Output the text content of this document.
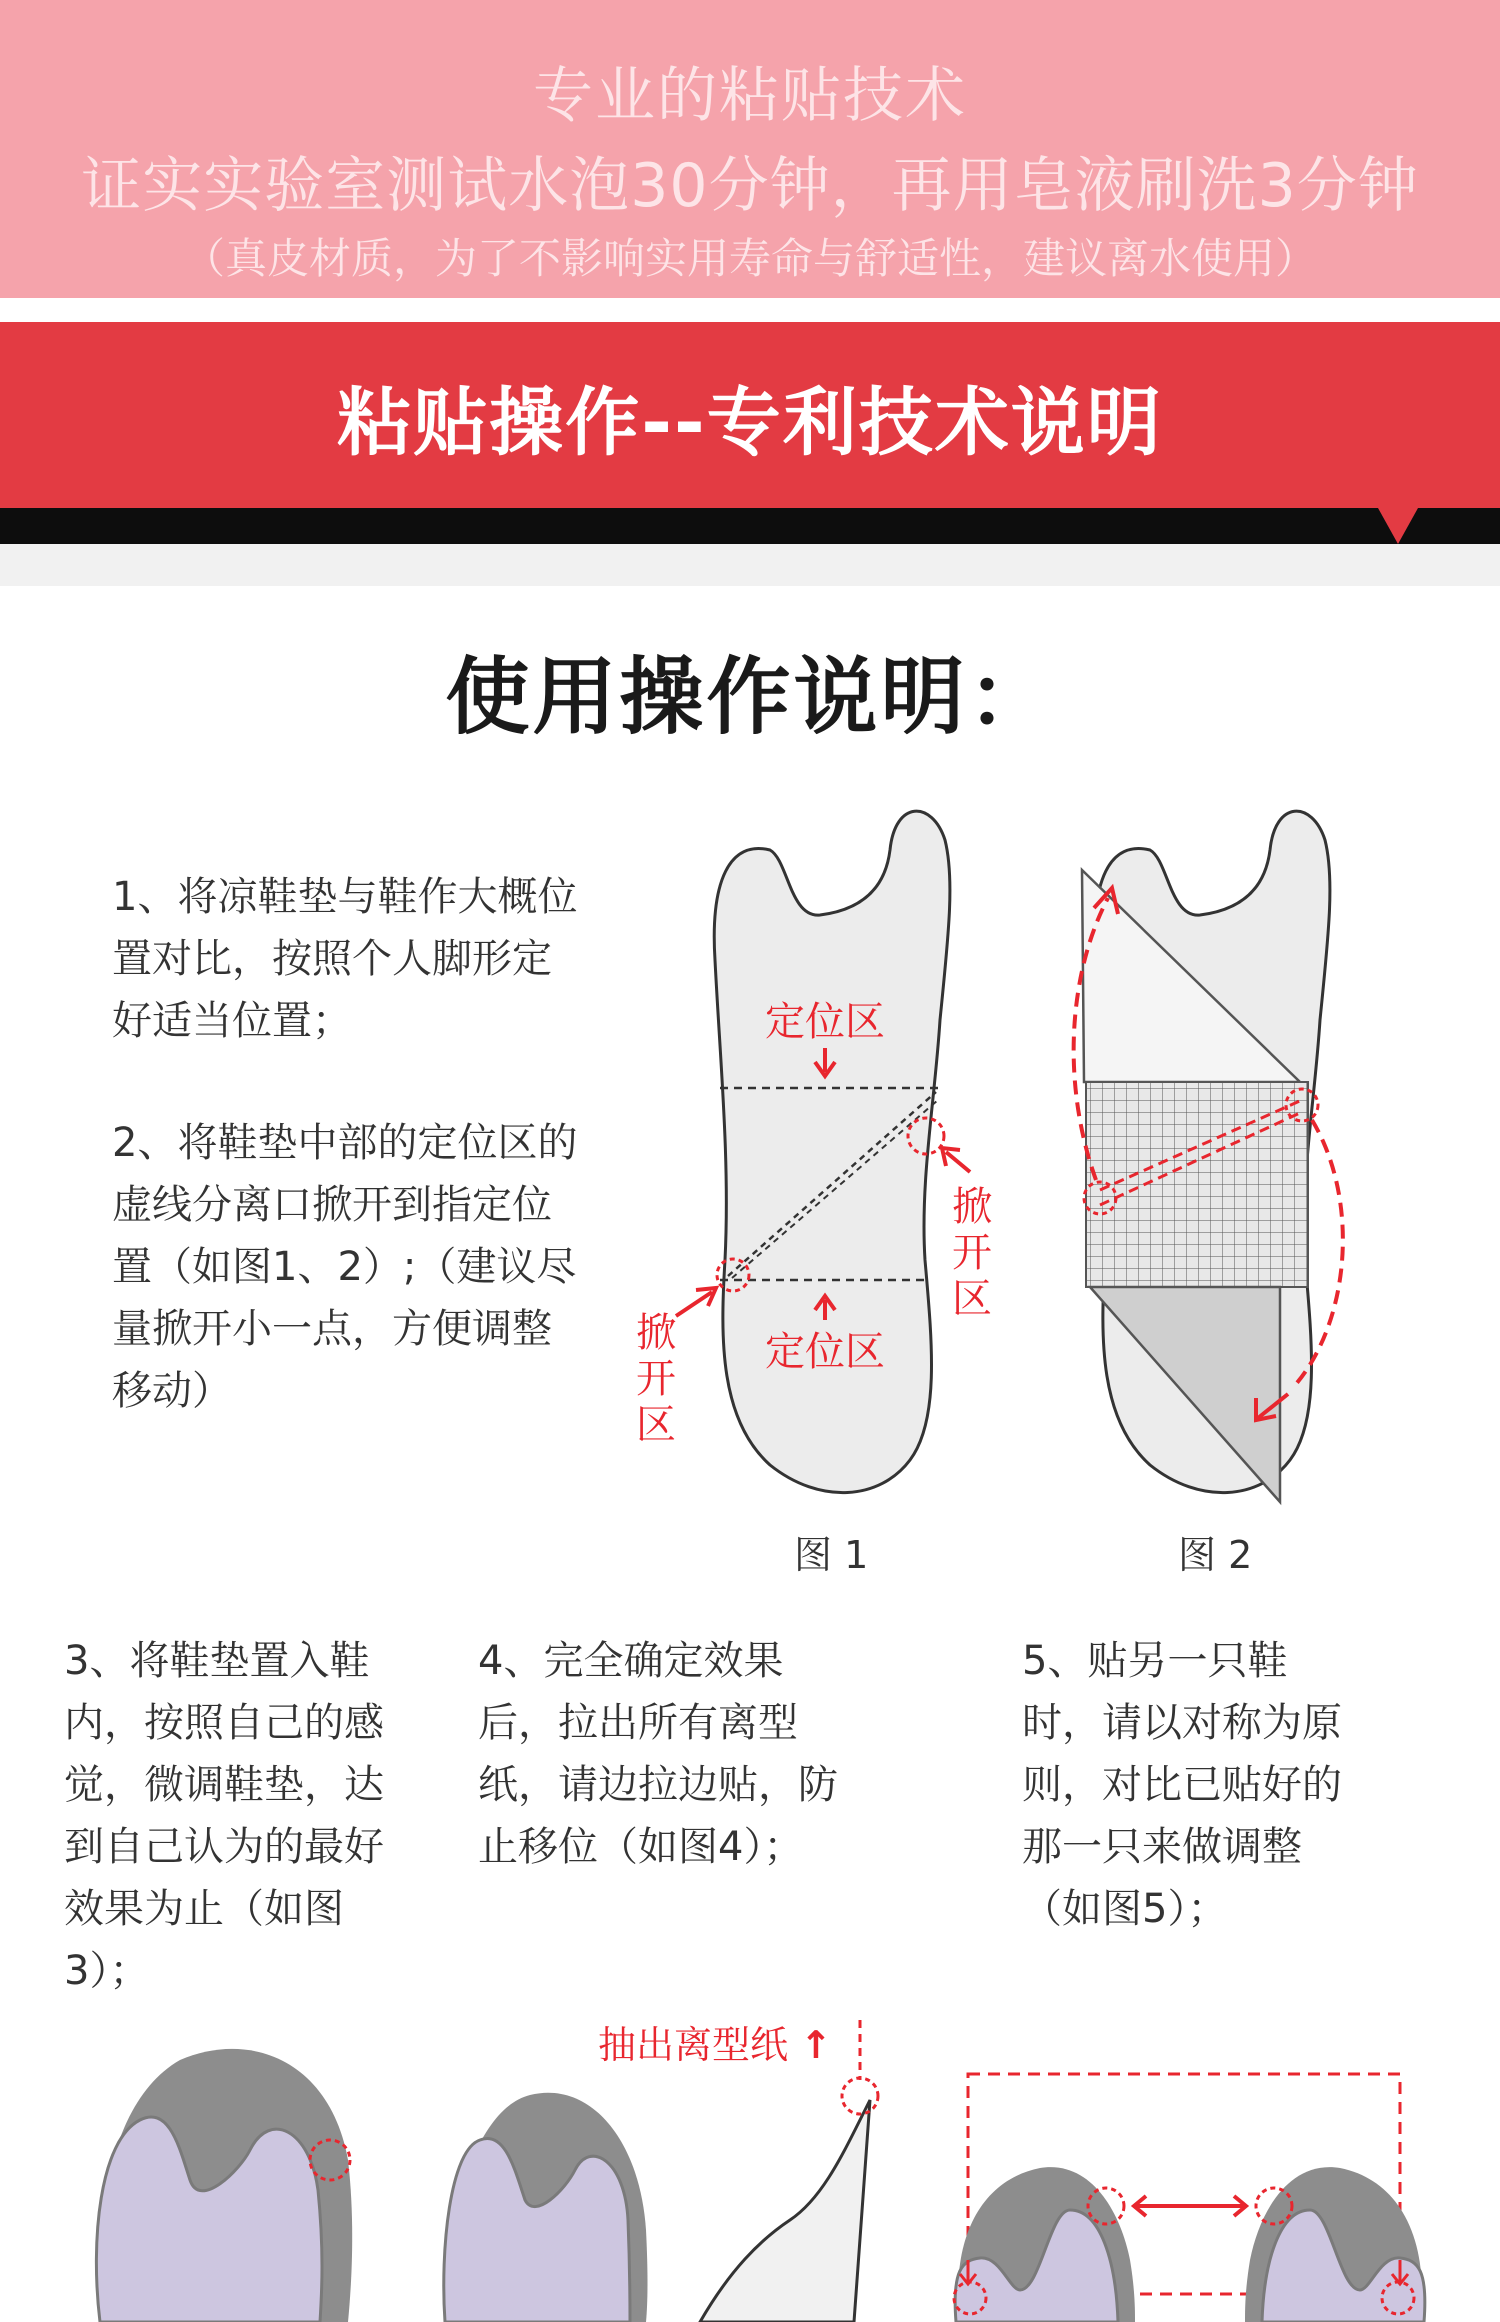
专业的粘贴技术
证实实验室测试水泡30分钟，再用皂液刷洗3分钟
（真皮材质，为了不影响实用寿命与舒适性，建议离水使用）
粘贴操作--专利技术说明
使用操作说明：
1、将凉鞋垫与鞋作大概位置对比，按照个人脚形定好适当位置；
2、将鞋垫中部的定位区的虚线分离口掀开到指定位置（如图1、2）;（建议尽量掀开小一点，方便调整移动）
3、将鞋垫置入鞋内，按照自己的感觉，微调鞋垫，达到自己认为的最好效果为止（如图3）；
4、完全确定效果后，拉出所有离型纸，请边拉边贴，防止移位（如图4）；
5、贴另一只鞋时，请以对称为原则，对比已贴好的那一只来做调整（如图5）；
定位区
定位区
掀
开
区
掀
开
区
图 1	图 2
抽出离型纸 ↑
